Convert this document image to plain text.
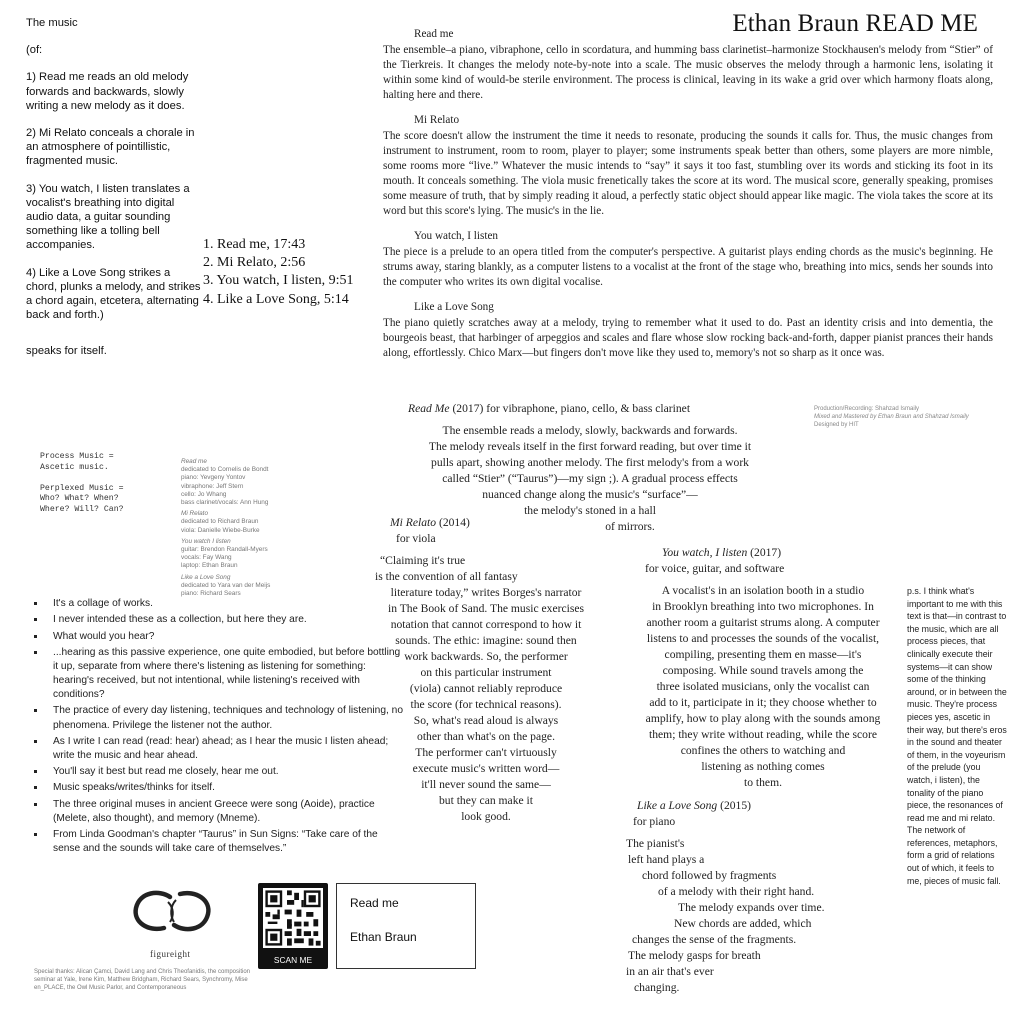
Ethan Braun READ ME

The music

(of:

1) Read me reads an old melody forwards and backwards, slowly writing a new melody as it does.

2) Mi Relato conceals a chorale in an atmosphere of pointillistic, fragmented music.

3) You watch, I listen translates a vocalist's breathing into digital audio data, a guitar sounding something like a tolling bell accompanies.

4) Like a Love Song strikes a chord, plunks a melody, and strikes a chord again, etcetera, alternating back and forth.)

speaks for itself.

1. Read me, 17:43
2. Mi Relato, 2:56
3. You watch, I listen, 9:51
4. Like a Love Song, 5:14
Read me
The ensemble–a piano, vibraphone, cello in scordatura, and humming bass clarinetist–harmonize Stockhausen's melody from “Stier” of the Tierkreis. It changes the melody note-by-note into a scale. The music observes the melody through a harmonic lens, isolating it within some kind of would-be sterile environment. The process is clinical, leaving in its wake a grid over which harmony floats along, halting here and there.
Mi Relato
The score doesn't allow the instrument the time it needs to resonate, producing the sounds it calls for. Thus, the music changes from instrument to instrument, room to room, player to player; some instruments speak better than others, some players are more nimble, some rooms more “live.” Whatever the music intends to “say” it says it too fast, stumbling over its words and sticking its foot in its mouth. It conceals something. The viola music frenetically takes the score at its word. The musical score, generally speaking, promises some measure of truth, that by simply reading it aloud, a perfectly static object should appear like magic. The viola takes the score at its word but this score's lying. The music's in the lie.
You watch, I listen
The piece is a prelude to an opera titled from the computer's perspective. A guitarist plays ending chords as the music's beginning. He strums away, staring blankly, as a computer listens to a vocalist at the front of the stage who, breathing into mics, sends her sounds into the computer who writes its own digital vocalise.
Like a Love Song
The piano quietly scratches away at a melody, trying to remember what it used to do. Past an identity crisis and into dementia, the bourgeois beast, that harbinger of arpeggios and scales and flare whose slow rocking back-and-forth, dapper pianist prances their hands along, effortlessly. Chico Marx—but fingers don't move like they used to, memory's not so sharp as it once was.
Production/Recording: Shahzad Ismaily
Mixed and Mastered by Ethan Braun and Shahzad Ismaily
Designed by HIT
Process Music =
Ascetic music.

Perplexed Music =
Who? What? When?
Where? Will? Can?
Read me
dedicated to Cornelis de Bondt
piano: Yevgeny Yontov
vibraphone: Jeff Stern
cello: Jo Whang
bass clarinet/vocals: Ann Hung
Mi Relato
dedicated to Richard Braun
viola: Danielle Wiebe-Burke
You watch I listen
guitar: Brendon Randall-Myers
vocals: Fay Wang
laptop: Ethan Braun
Like a Love Song
dedicated to Yara van der Meijs
piano: Richard Sears
It's a collage of works.
I never intended these as a collection, but here they are.
What would you hear?
...hearing as this passive experience, one quite embodied, but before bottling it up, separate from where there's listening as listening for something: hearing's received, but not intentional, while listening's received with conditions?
The practice of every day listening, techniques and technology of listening, no phenomena. Privilege the listener not the author.
As I write I can read (read: hear) ahead; as I hear the music I listen ahead; write the music and hear ahead.
You'll say it best but read me closely, hear me out.
Music speaks/writes/thinks for itself.
The three original muses in ancient Greece were song (Aoide), practice (Melete, also thought), and memory (Mneme).
From Linda Goodman's chapter “Taurus” in Sun Signs: “Take care of the sense and the sounds will take care of themselves.”
Read Me (2017) for vibraphone, piano, cello, & bass clarinet
The ensemble reads a melody, slowly, backwards and forwards.
The melody reveals itself in the first forward reading, but over time it
pulls apart, showing another melody. The first melody's from a work
called “Stier” (“Taurus”)—my sign ;). A gradual process effects
nuanced change along the music's “surface”—
the melody's stoned in a hall
of mirrors.
Mi Relato (2014)
for viola
“Claiming it's true
is the convention of all fantasy
literature today,” writes Borges's narrator
in The Book of Sand. The music exercises
notation that cannot correspond to how it
sounds. The ethic: imagine: sound then
work backwards. So, the performer
on this particular instrument
(viola) cannot reliably reproduce
the score (for technical reasons).
So, what's read aloud is always
other than what's on the page.
The performer can't virtuously
execute music's written word—
it'll never sound the same—
but they can make it
look good.
You watch, I listen (2017)
for voice, guitar, and software
A vocalist's in an isolation booth in a studio
in Brooklyn breathing into two microphones. In
another room a guitarist strums along. A computer
listens to and processes the sounds of the vocalist,
compiling, presenting them en masse—it's
composing. While sound travels among the
three isolated musicians, only the vocalist can
add to it, participate in it; they choose whether to
amplify, how to play along with the sounds among
them; they write without reading, while the score
confines the others to watching and
listening as nothing comes
to them.
Like a Love Song (2015)
for piano
The pianist's
left hand plays a
chord followed by fragments
of a melody with their right hand.
The melody expands over time.
New chords are added, which
changes the sense of the fragments.
The melody gasps for breath
in an air that's ever
changing.
p.s. I think what's important to me with this text is that—in contrast to the music, which are all process pieces, that clinically execute their systems—it can show some of the thinking around, or in between the music. They're process pieces yes, ascetic in their way, but there's eros in the sound and theater of them, in the voyeurism of the prelude (you watch, i listen), the tonality of the piano piece, the resonances of read me and mi relato. The network of references, metaphors, form a grid of relations out of which, it feels to me, pieces of music fall.
figureight
Special thanks: Alican Çamci, David Lang and Chris Theofanidis, the composition seminar at Yale, Irene Kim, Matthew Bridgham, Richard Sears, Synchromy, Mise en_PLACE, the Owl Music Parlor, and Contemporaneous
SCAN ME
Read me
Ethan Braun
